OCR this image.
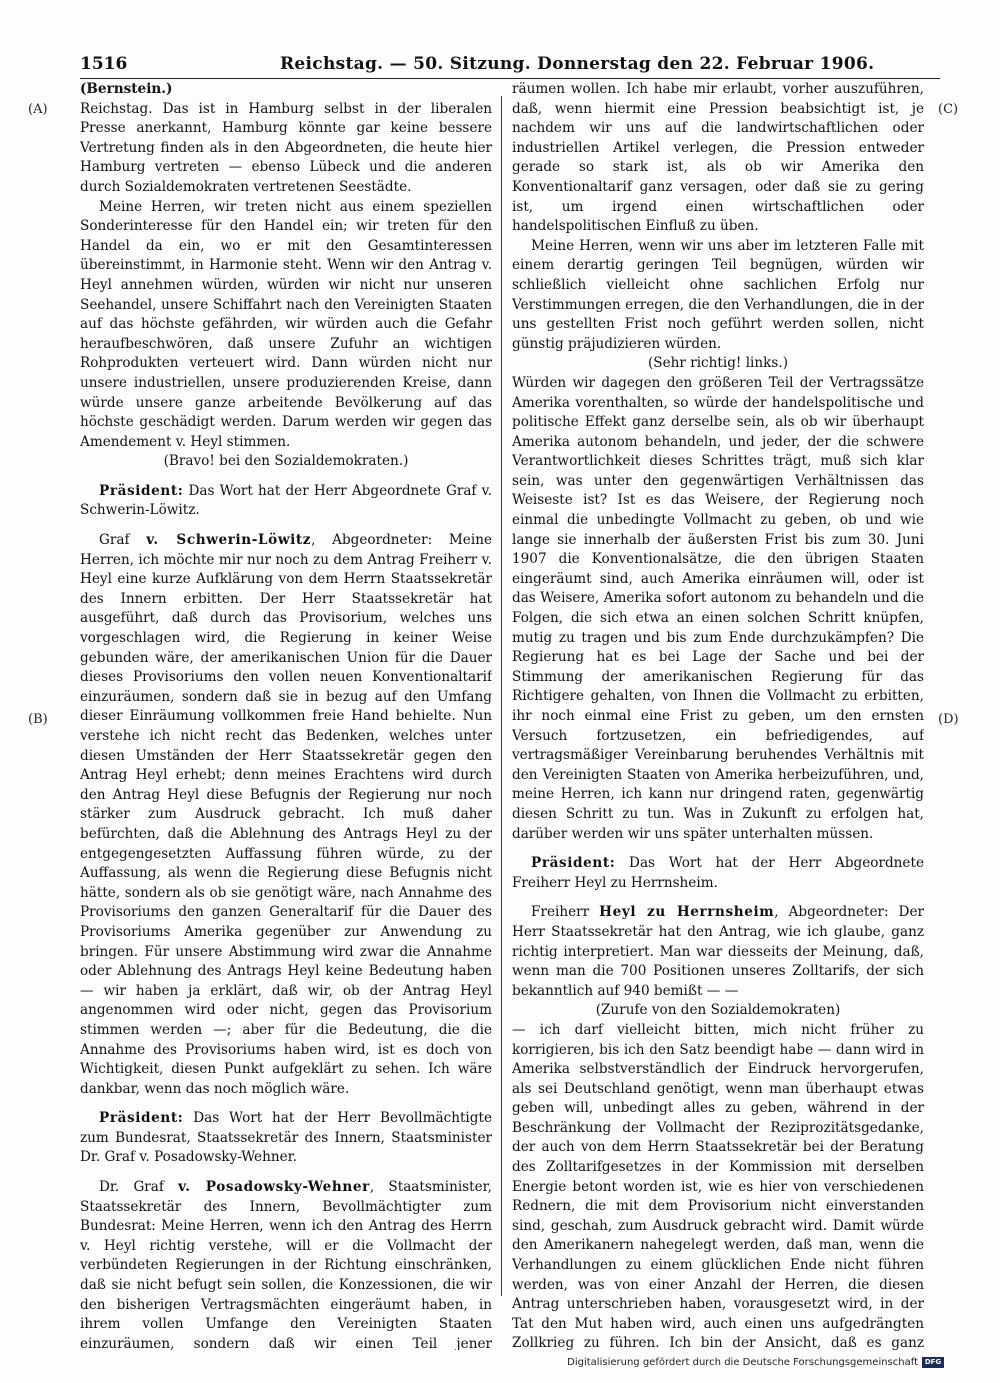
1516	Reichstag. — 50. Sitzung. Donnerstag den 22. Februar 1906.
(A)
(B)
(C)
(D)

(Bernstein.)

Reichstag. Das ist in Hamburg selbst in der liberalen Presse anerkannt, Hamburg könnte gar keine bessere Vertretung finden als in den Abgeordneten, die heute hier Hamburg vertreten — ebenso Lübeck und die anderen durch Sozialdemokraten vertretenen Seestädte.

Meine Herren, wir treten nicht aus einem speziellen Sonderinteresse für den Handel ein; wir treten für den Handel da ein, wo er mit den Gesamtinteressen übereinstimmt, in Harmonie steht. Wenn wir den Antrag v. Heyl annehmen würden, würden wir nicht nur unseren Seehandel, unsere Schiffahrt nach den Vereinigten Staaten auf das höchste gefährden, wir würden auch die Gefahr heraufbeschwören, daß unsere Zufuhr an wichtigen Rohprodukten verteuert wird. Dann würden nicht nur unsere industriellen, unsere produzierenden Kreise, dann würde unsere ganze arbeitende Bevölkerung auf das höchste geschädigt werden. Darum werden wir gegen das Amendement v. Heyl stimmen.

(Bravo! bei den Sozialdemokraten.)

Präsident: Das Wort hat der Herr Abgeordnete Graf v. Schwerin-Löwitz.

Graf v. Schwerin-Löwitz, Abgeordneter: Meine Herren, ich möchte mir nur noch zu dem Antrag Freiherr v. Heyl eine kurze Aufklärung von dem Herrn Staatssekretär des Innern erbitten. Der Herr Staatssekretär hat ausgeführt, daß durch das Provisorium, welches uns vorgeschlagen wird, die Regierung in keiner Weise gebunden wäre, der amerikanischen Union für die Dauer dieses Provisoriums den vollen neuen Konventionaltarif einzuräumen, sondern daß sie in bezug auf den Umfang dieser Einräumung vollkommen freie Hand behielte. Nun verstehe ich nicht recht das Bedenken, welches unter diesen Umständen der Herr Staatssekretär gegen den Antrag Heyl erhebt; denn meines Erachtens wird durch den Antrag Heyl diese Befugnis der Regierung nur noch stärker zum Ausdruck gebracht. Ich muß daher befürchten, daß die Ablehnung des Antrags Heyl zu der entgegengesetzten Auffassung führen würde, zu der Auffassung, als wenn die Regierung diese Befugnis nicht hätte, sondern als ob sie genötigt wäre, nach Annahme des Provisoriums den ganzen Generaltarif für die Dauer des Provisoriums Amerika gegenüber zur Anwendung zu bringen. Für unsere Abstimmung wird zwar die Annahme oder Ablehnung des Antrags Heyl keine Bedeutung haben — wir haben ja erklärt, daß wir, ob der Antrag Heyl angenommen wird oder nicht, gegen das Provisorium stimmen werden —; aber für die Bedeutung, die die Annahme des Provisoriums haben wird, ist es doch von Wichtigkeit, diesen Punkt aufgeklärt zu sehen. Ich wäre dankbar, wenn das noch möglich wäre.

Präsident: Das Wort hat der Herr Bevollmächtigte zum Bundesrat, Staatssekretär des Innern, Staatsminister Dr. Graf v. Posadowsky-Wehner.

Dr. Graf v. Posadowsky-Wehner, Staatsminister, Staatssekretär des Innern, Bevollmächtigter zum Bundesrat: Meine Herren, wenn ich den Antrag des Herrn v. Heyl richtig verstehe, will er die Vollmacht der verbündeten Regierungen in der Richtung einschränken, daß sie nicht befugt sein sollen, die Konzessionen, die wir den bisherigen Vertragsmächten eingeräumt haben, in ihrem vollen Umfange den Vereinigten Staaten einzuräumen, sondern daß wir einen Teil jener

räumen wollen. Ich habe mir erlaubt, vorher auszuführen, daß, wenn hiermit eine Pression beabsichtigt ist, je nachdem wir uns auf die landwirtschaftlichen oder industriellen Artikel verlegen, die Pression entweder gerade so stark ist, als ob wir Amerika den Konventionaltarif ganz versagen, oder daß sie zu gering ist, um irgend einen wirtschaftlichen oder handelspolitischen Einfluß zu üben.

Meine Herren, wenn wir uns aber im letzteren Falle mit einem derartig geringen Teil begnügen, würden wir schließlich vielleicht ohne sachlichen Erfolg nur Verstimmungen erregen, die den Verhandlungen, die in der uns gestellten Frist noch geführt werden sollen, nicht günstig präjudizieren würden.

(Sehr richtig! links.)

Würden wir dagegen den größeren Teil der Vertragssätze Amerika vorenthalten, so würde der handelspolitische und politische Effekt ganz derselbe sein, als ob wir überhaupt Amerika autonom behandeln, und jeder, der die schwere Verantwortlichkeit dieses Schrittes trägt, muß sich klar sein, was unter den gegenwärtigen Verhältnissen das Weiseste ist? Ist es das Weisere, der Regierung noch einmal die unbedingte Vollmacht zu geben, ob und wie lange sie innerhalb der äußersten Frist bis zum 30. Juni 1907 die Konventionalsätze, die den übrigen Staaten eingeräumt sind, auch Amerika einräumen will, oder ist das Weisere, Amerika sofort autonom zu behandeln und die Folgen, die sich etwa an einen solchen Schritt knüpfen, mutig zu tragen und bis zum Ende durchzukämpfen? Die Regierung hat es bei Lage der Sache und bei der Stimmung der amerikanischen Regierung für das Richtigere gehalten, von Ihnen die Vollmacht zu erbitten, ihr noch einmal eine Frist zu geben, um den ernsten Versuch fortzusetzen, ein befriedigendes, auf vertragsmäßiger Vereinbarung beruhendes Verhältnis mit den Vereinigten Staaten von Amerika herbeizuführen, und, meine Herren, ich kann nur dringend raten, gegenwärtig diesen Schritt zu tun. Was in Zukunft zu erfolgen hat, darüber werden wir uns später unterhalten müssen.

Präsident: Das Wort hat der Herr Abgeordnete Freiherr Heyl zu Herrnsheim.

Freiherr Heyl zu Herrnsheim, Abgeordneter: Der Herr Staatssekretär hat den Antrag, wie ich glaube, ganz richtig interpretiert. Man war diesseits der Meinung, daß, wenn man die 700 Positionen unseres Zolltarifs, der sich bekanntlich auf 940 bemißt — —

(Zurufe von den Sozialdemokraten)

— ich darf vielleicht bitten, mich nicht früher zu korrigieren, bis ich den Satz beendigt habe — dann wird in Amerika selbstverständlich der Eindruck hervorgerufen, als sei Deutschland genötigt, wenn man überhaupt etwas geben will, unbedingt alles zu geben, während in der Beschränkung der Vollmacht der Reziprozitätsgedanke, der auch von dem Herrn Staatssekretär bei der Beratung des Zolltarifgesetzes in der Kommission mit derselben Energie betont worden ist, wie es hier von verschiedenen Rednern, die mit dem Provisorium nicht einverstanden sind, geschah, zum Ausdruck gebracht wird. Damit würde den Amerikanern nahegelegt werden, daß man, wenn die Verhandlungen zu einem glücklichen Ende nicht führen werden, was von einer Anzahl der Herren, die diesen Antrag unterschrieben haben, vorausgesetzt wird, in der Tat den Mut haben wird, auch einen uns aufgedrängten Zollkrieg zu führen. Ich bin der Ansicht, daß es ganz

Digitalisierung gefördert durch die Deutsche Forschungsgemeinschaft DFG
